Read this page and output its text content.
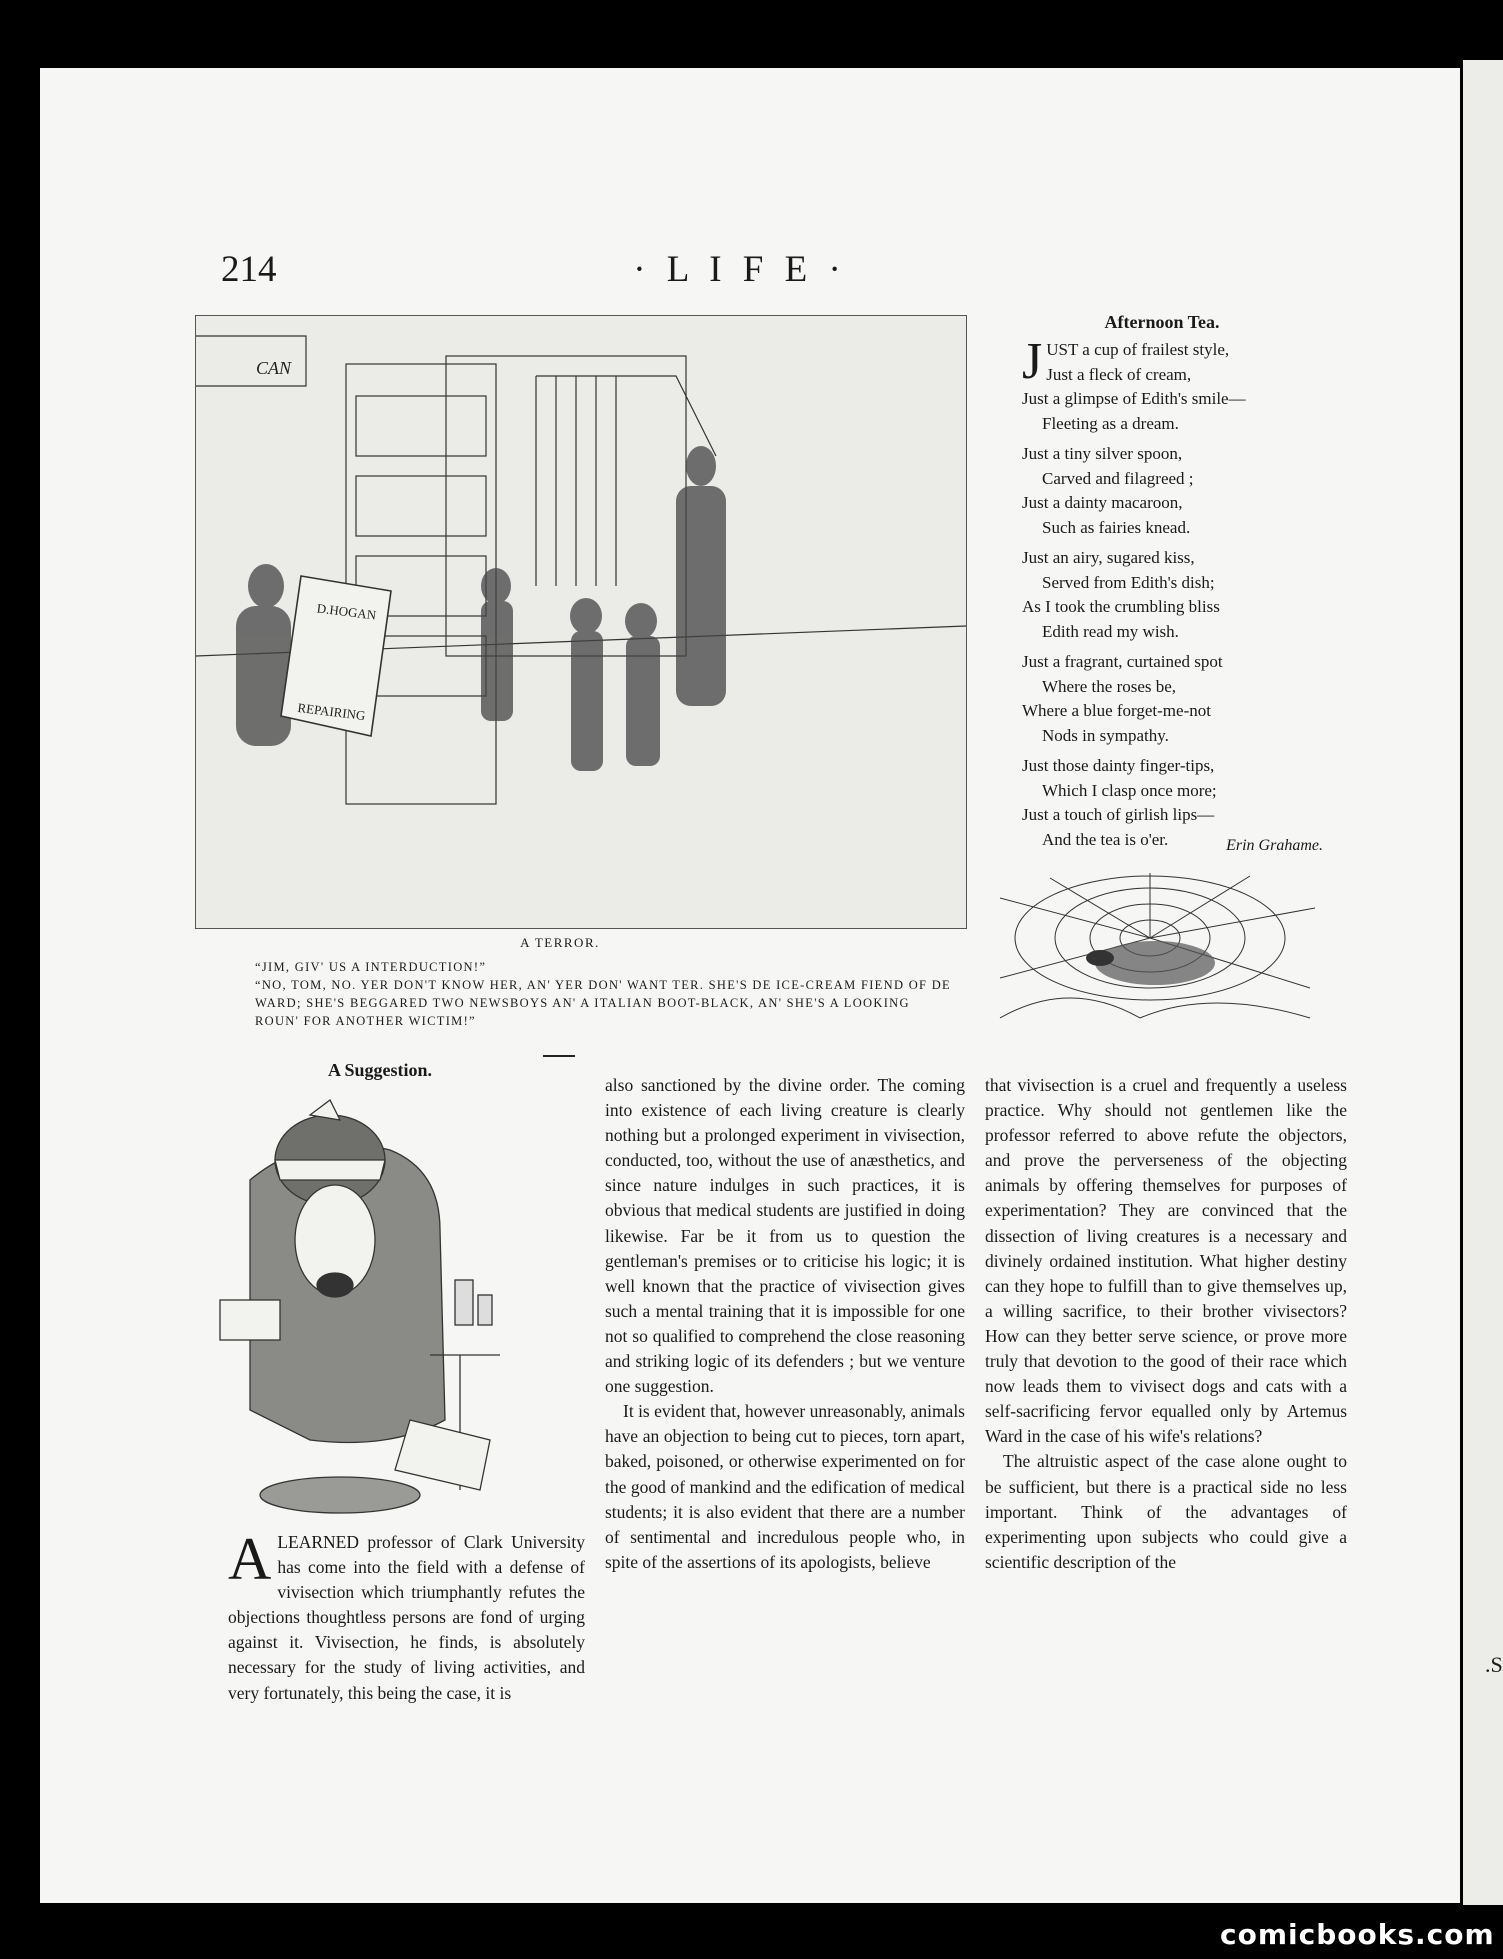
.S
214	· L I F E ·
D.HOGAN
REPAIRING
CAN
A TERROR.

“JIM, GIV' US A INTERDUCTION!”

“NO, TOM, NO. YER DON'T KNOW HER, AN' YER DON' WANT TER. SHE'S DE ICE-CREAM FIEND OF DE WARD; SHE'S BEGGARED TWO NEWSBOYS AN' A ITALIAN BOOT-BLACK, AN' SHE'S A LOOKING ROUN' FOR ANOTHER WICTIM!”

Afternoon Tea.
J UST a cup of frailest style,
Just a fleck of cream,
Just a glimpse of Edith's smile—
Fleeting as a dream.
Just a tiny silver spoon,
Carved and filagreed ;
Just a dainty macaroon,
Such as fairies knead.
Just an airy, sugared kiss,
Served from Edith's dish;
As I took the crumbling bliss
Edith read my wish.
Just a fragrant, curtained spot
Where the roses be,
Where a blue forget-me-not
Nods in sympathy.
Just those dainty finger-tips,
Which I clasp once more;
Just a touch of girlish lips—
And the tea is o'er.	Erin Grahame.
A Suggestion.

ALEARNED professor of Clark University has come into the field with a defense of vivisection which triumphantly refutes the objections thoughtless persons are fond of urging against it. Vivisection, he finds, is absolutely necessary for the study of living activities, and very fortunately, this being the case, it is

also sanctioned by the divine order. The coming into existence of each living creature is clearly nothing but a prolonged experiment in vivisection, conducted, too, without the use of anæsthetics, and since nature indulges in such practices, it is obvious that medical students are justified in doing likewise. Far be it from us to question the gentleman's premises or to criticise his logic; it is well known that the practice of vivisection gives such a mental training that it is impossible for one not so qualified to comprehend the close reasoning and striking logic of its defenders ; but we venture one suggestion.

It is evident that, however unreasonably, animals have an objection to being cut to pieces, torn apart, baked, poisoned, or otherwise experimented on for the good of mankind and the edification of medical students; it is also evident that there are a number of sentimental and incredulous people who, in spite of the assertions of its apologists, believe

that vivisection is a cruel and frequently a useless practice. Why should not gentlemen like the professor referred to above refute the objectors, and prove the perverseness of the objecting animals by offering themselves for purposes of experimentation? They are convinced that the dissection of living creatures is a necessary and divinely ordained institution. What higher destiny can they hope to fulfill than to give themselves up, a willing sacrifice, to their brother vivisectors? How can they better serve science, or prove more truly that devotion to the good of their race which now leads them to vivisect dogs and cats with a self-sacrificing fervor equalled only by Artemus Ward in the case of his wife's relations?

The altruistic aspect of the case alone ought to be sufficient, but there is a practical side no less important. Think of the advantages of experimenting upon subjects who could give a scientific description of the

comicbooks.com
